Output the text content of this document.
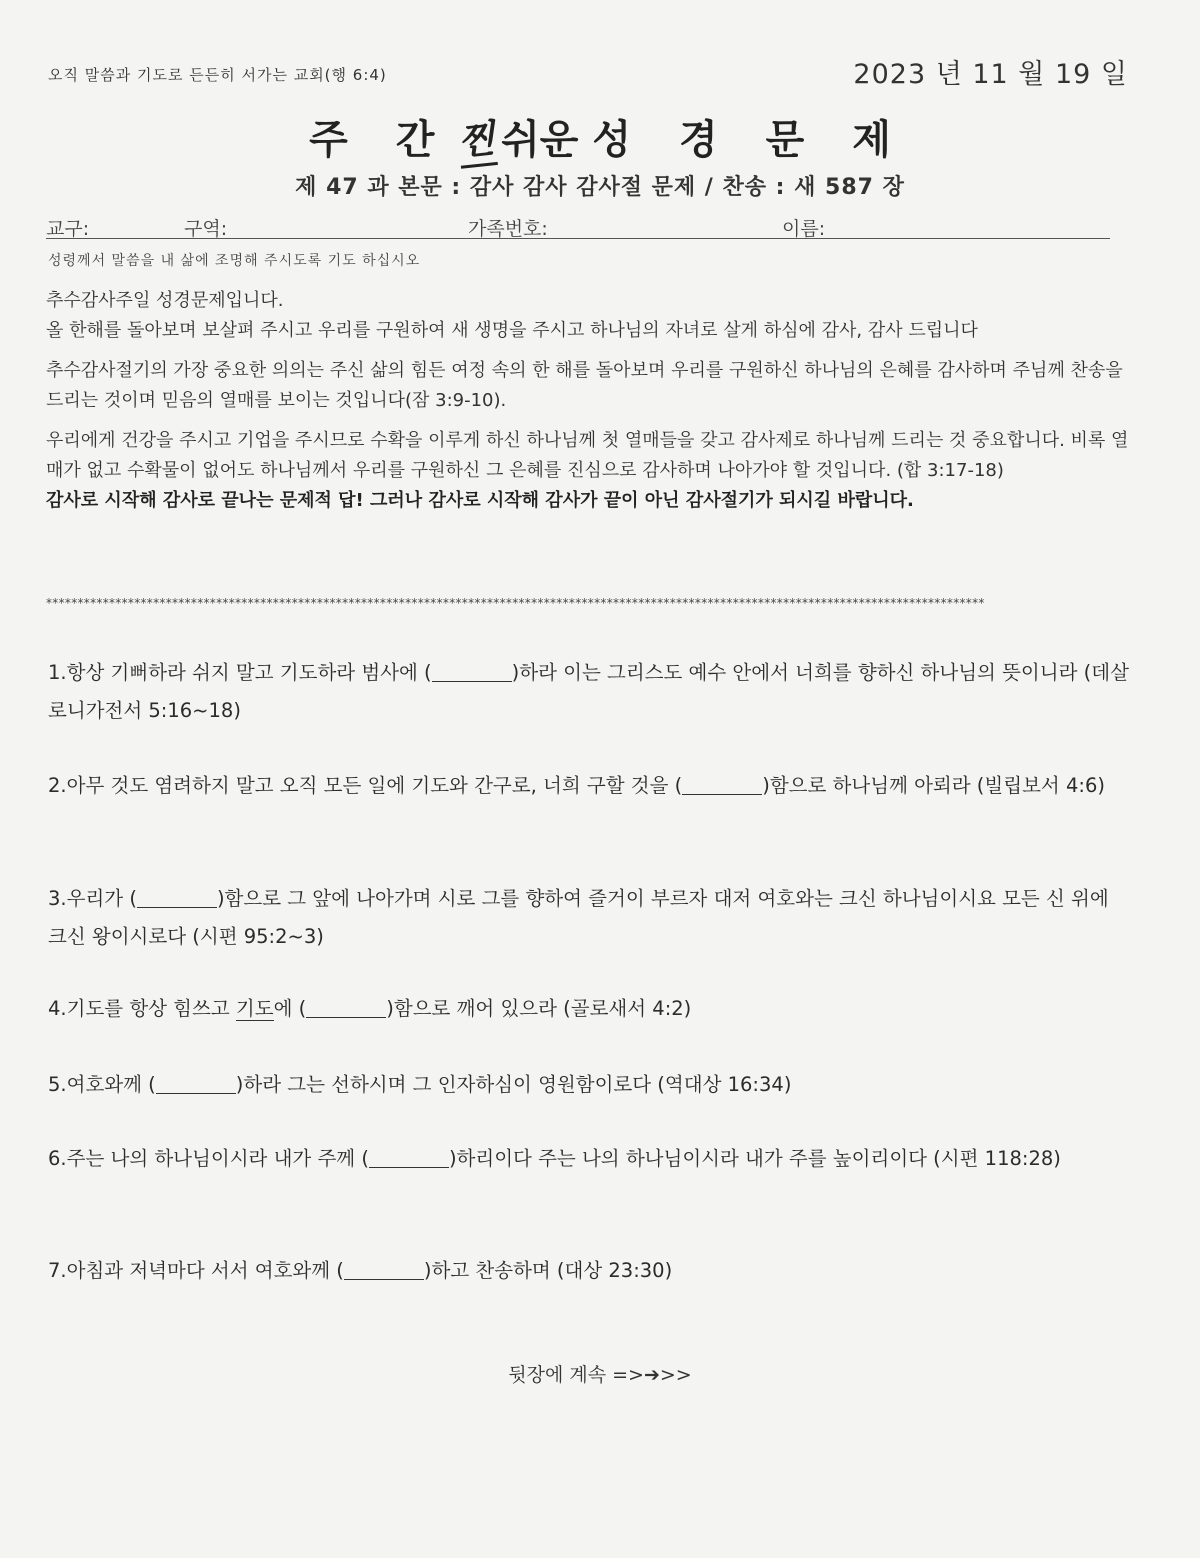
오직 말씀과 기도로 든든히 서가는 교회(행 6:4)	2023 년 11 월 19 일
주 간 찐쉬운 성 경 문 제
제 47 과 본문 : 감사 감사 감사절 문제 / 찬송 : 새 587 장
교구:	구역:	가족번호:	이름:
성령께서 말씀을 내 삶에 조명해 주시도록 기도 하십시오

추수감사주일 성경문제입니다.

올 한해를 돌아보며 보살펴 주시고 우리를 구원하여 새 생명을 주시고 하나님의 자녀로 살게 하심에 감사, 감사 드립니다

추수감사절기의 가장 중요한 의의는 주신 삶의 힘든 여정 속의 한 해를 돌아보며 우리를 구원하신 하나님의 은혜를 감사하며 주님께 찬송을 드리는 것이며 믿음의 열매를 보이는 것입니다(잠 3:9-10).

우리에게 건강을 주시고 기업을 주시므로 수확을 이루게 하신 하나님께 첫 열매들을 갖고 감사제로 하나님께 드리는 것 중요합니다. 비록 열매가 없고 수확물이 없어도 하나님께서 우리를 구원하신 그 은혜를 진심으로 감사하며 나아가야 할 것입니다. (합 3:17-18)

감사로 시작해 감사로 끝나는 문제적 답! 그러나 감사로 시작해 감사가 끝이 아닌 감사절기가 되시길 바랍니다.

*****************************************************************************************************************************************************
1.항상 기뻐하라 쉬지 말고 기도하라 범사에 (	)하라 이는 그리스도 예수 안에서 너희를 향하신 하나님의 뜻이니라 (데살로니가전서 5:16~18)
2.아무 것도 염려하지 말고 오직 모든 일에 기도와 간구로, 너희 구할 것을 (	)함으로 하나님께 아뢰라 (빌립보서 4:6)
3.우리가 (	)함으로 그 앞에 나아가며 시로 그를 향하여 즐거이 부르자 대저 여호와는 크신 하나님이시요 모든 신 위에 크신 왕이시로다 (시편 95:2~3)
4.기도를 항상 힘쓰고 기도에 (	)함으로 깨어 있으라 (골로새서 4:2)
5.여호와께 (	)하라 그는 선하시며 그 인자하심이 영원함이로다 (역대상 16:34)
6.주는 나의 하나님이시라 내가 주께 (	)하리이다 주는 나의 하나님이시라 내가 주를 높이리이다 (시편 118:28)
7.아침과 저녁마다 서서 여호와께 (	)하고 찬송하며 (대상 23:30)
뒷장에 계속 =>➔>>
